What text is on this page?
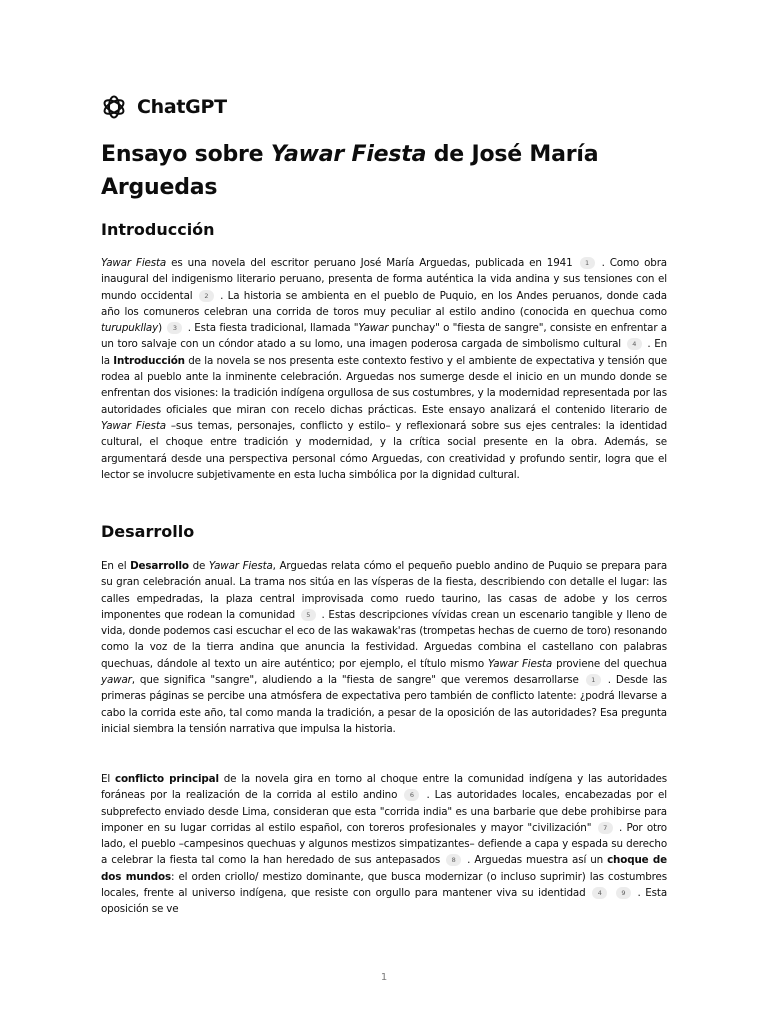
ChatGPT
Ensayo sobre Yawar Fiesta de José María Arguedas
Introducción

Yawar Fiesta es una novela del escritor peruano José María Arguedas, publicada en 1941 1 . Como obra inaugural del indigenismo literario peruano, presenta de forma auténtica la vida andina y sus tensiones con el mundo occidental 2 . La historia se ambienta en el pueblo de Puquio, en los Andes peruanos, donde cada año los comuneros celebran una corrida de toros muy peculiar al estilo andino (conocida en quechua como turupukllay) 3 . Esta fiesta tradicional, llamada "Yawar punchay" o "fiesta de sangre", consiste en enfrentar a un toro salvaje con un cóndor atado a su lomo, una imagen poderosa cargada de simbolismo cultural 4 . En la Introducción de la novela se nos presenta este contexto festivo y el ambiente de expectativa y tensión que rodea al pueblo ante la inminente celebración. Arguedas nos sumerge desde el inicio en un mundo donde se enfrentan dos visiones: la tradición indígena orgullosa de sus costumbres, y la modernidad representada por las autoridades oficiales que miran con recelo dichas prácticas. Este ensayo analizará el contenido literario de Yawar Fiesta –sus temas, personajes, conflicto y estilo– y reflexionará sobre sus ejes centrales: la identidad cultural, el choque entre tradición y modernidad, y la crítica social presente en la obra. Además, se argumentará desde una perspectiva personal cómo Arguedas, con creatividad y profundo sentir, logra que el lector se involucre subjetivamente en esta lucha simbólica por la dignidad cultural.

Desarrollo

En el Desarrollo de Yawar Fiesta, Arguedas relata cómo el pequeño pueblo andino de Puquio se prepara para su gran celebración anual. La trama nos sitúa en las vísperas de la fiesta, describiendo con detalle el lugar: las calles empedradas, la plaza central improvisada como ruedo taurino, las casas de adobe y los cerros imponentes que rodean la comunidad 5 . Estas descripciones vívidas crean un escenario tangible y lleno de vida, donde podemos casi escuchar el eco de las wakawak'ras (trompetas hechas de cuerno de toro) resonando como la voz de la tierra andina que anuncia la festividad. Arguedas combina el castellano con palabras quechuas, dándole al texto un aire auténtico; por ejemplo, el título mismo Yawar Fiesta proviene del quechua yawar, que significa "sangre", aludiendo a la "fiesta de sangre" que veremos desarrollarse 1 . Desde las primeras páginas se percibe una atmósfera de expectativa pero también de conflicto latente: ¿podrá llevarse a cabo la corrida este año, tal como manda la tradición, a pesar de la oposición de las autoridades? Esa pregunta inicial siembra la tensión narrativa que impulsa la historia.

El conflicto principal de la novela gira en torno al choque entre la comunidad indígena y las autoridades foráneas por la realización de la corrida al estilo andino 6 . Las autoridades locales, encabezadas por el subprefecto enviado desde Lima, consideran que esta "corrida india" es una barbarie que debe prohibirse para imponer en su lugar corridas al estilo español, con toreros profesionales y mayor "civilización" 7 . Por otro lado, el pueblo –campesinos quechuas y algunos mestizos simpatizantes– defiende a capa y espada su derecho a celebrar la fiesta tal como la han heredado de sus antepasados 8 . Arguedas muestra así un choque de dos mundos: el orden criollo/ mestizo dominante, que busca modernizar (o incluso suprimir) las costumbres locales, frente al universo indígena, que resiste con orgullo para mantener viva su identidad 4	9 . Esta oposición se ve

1
